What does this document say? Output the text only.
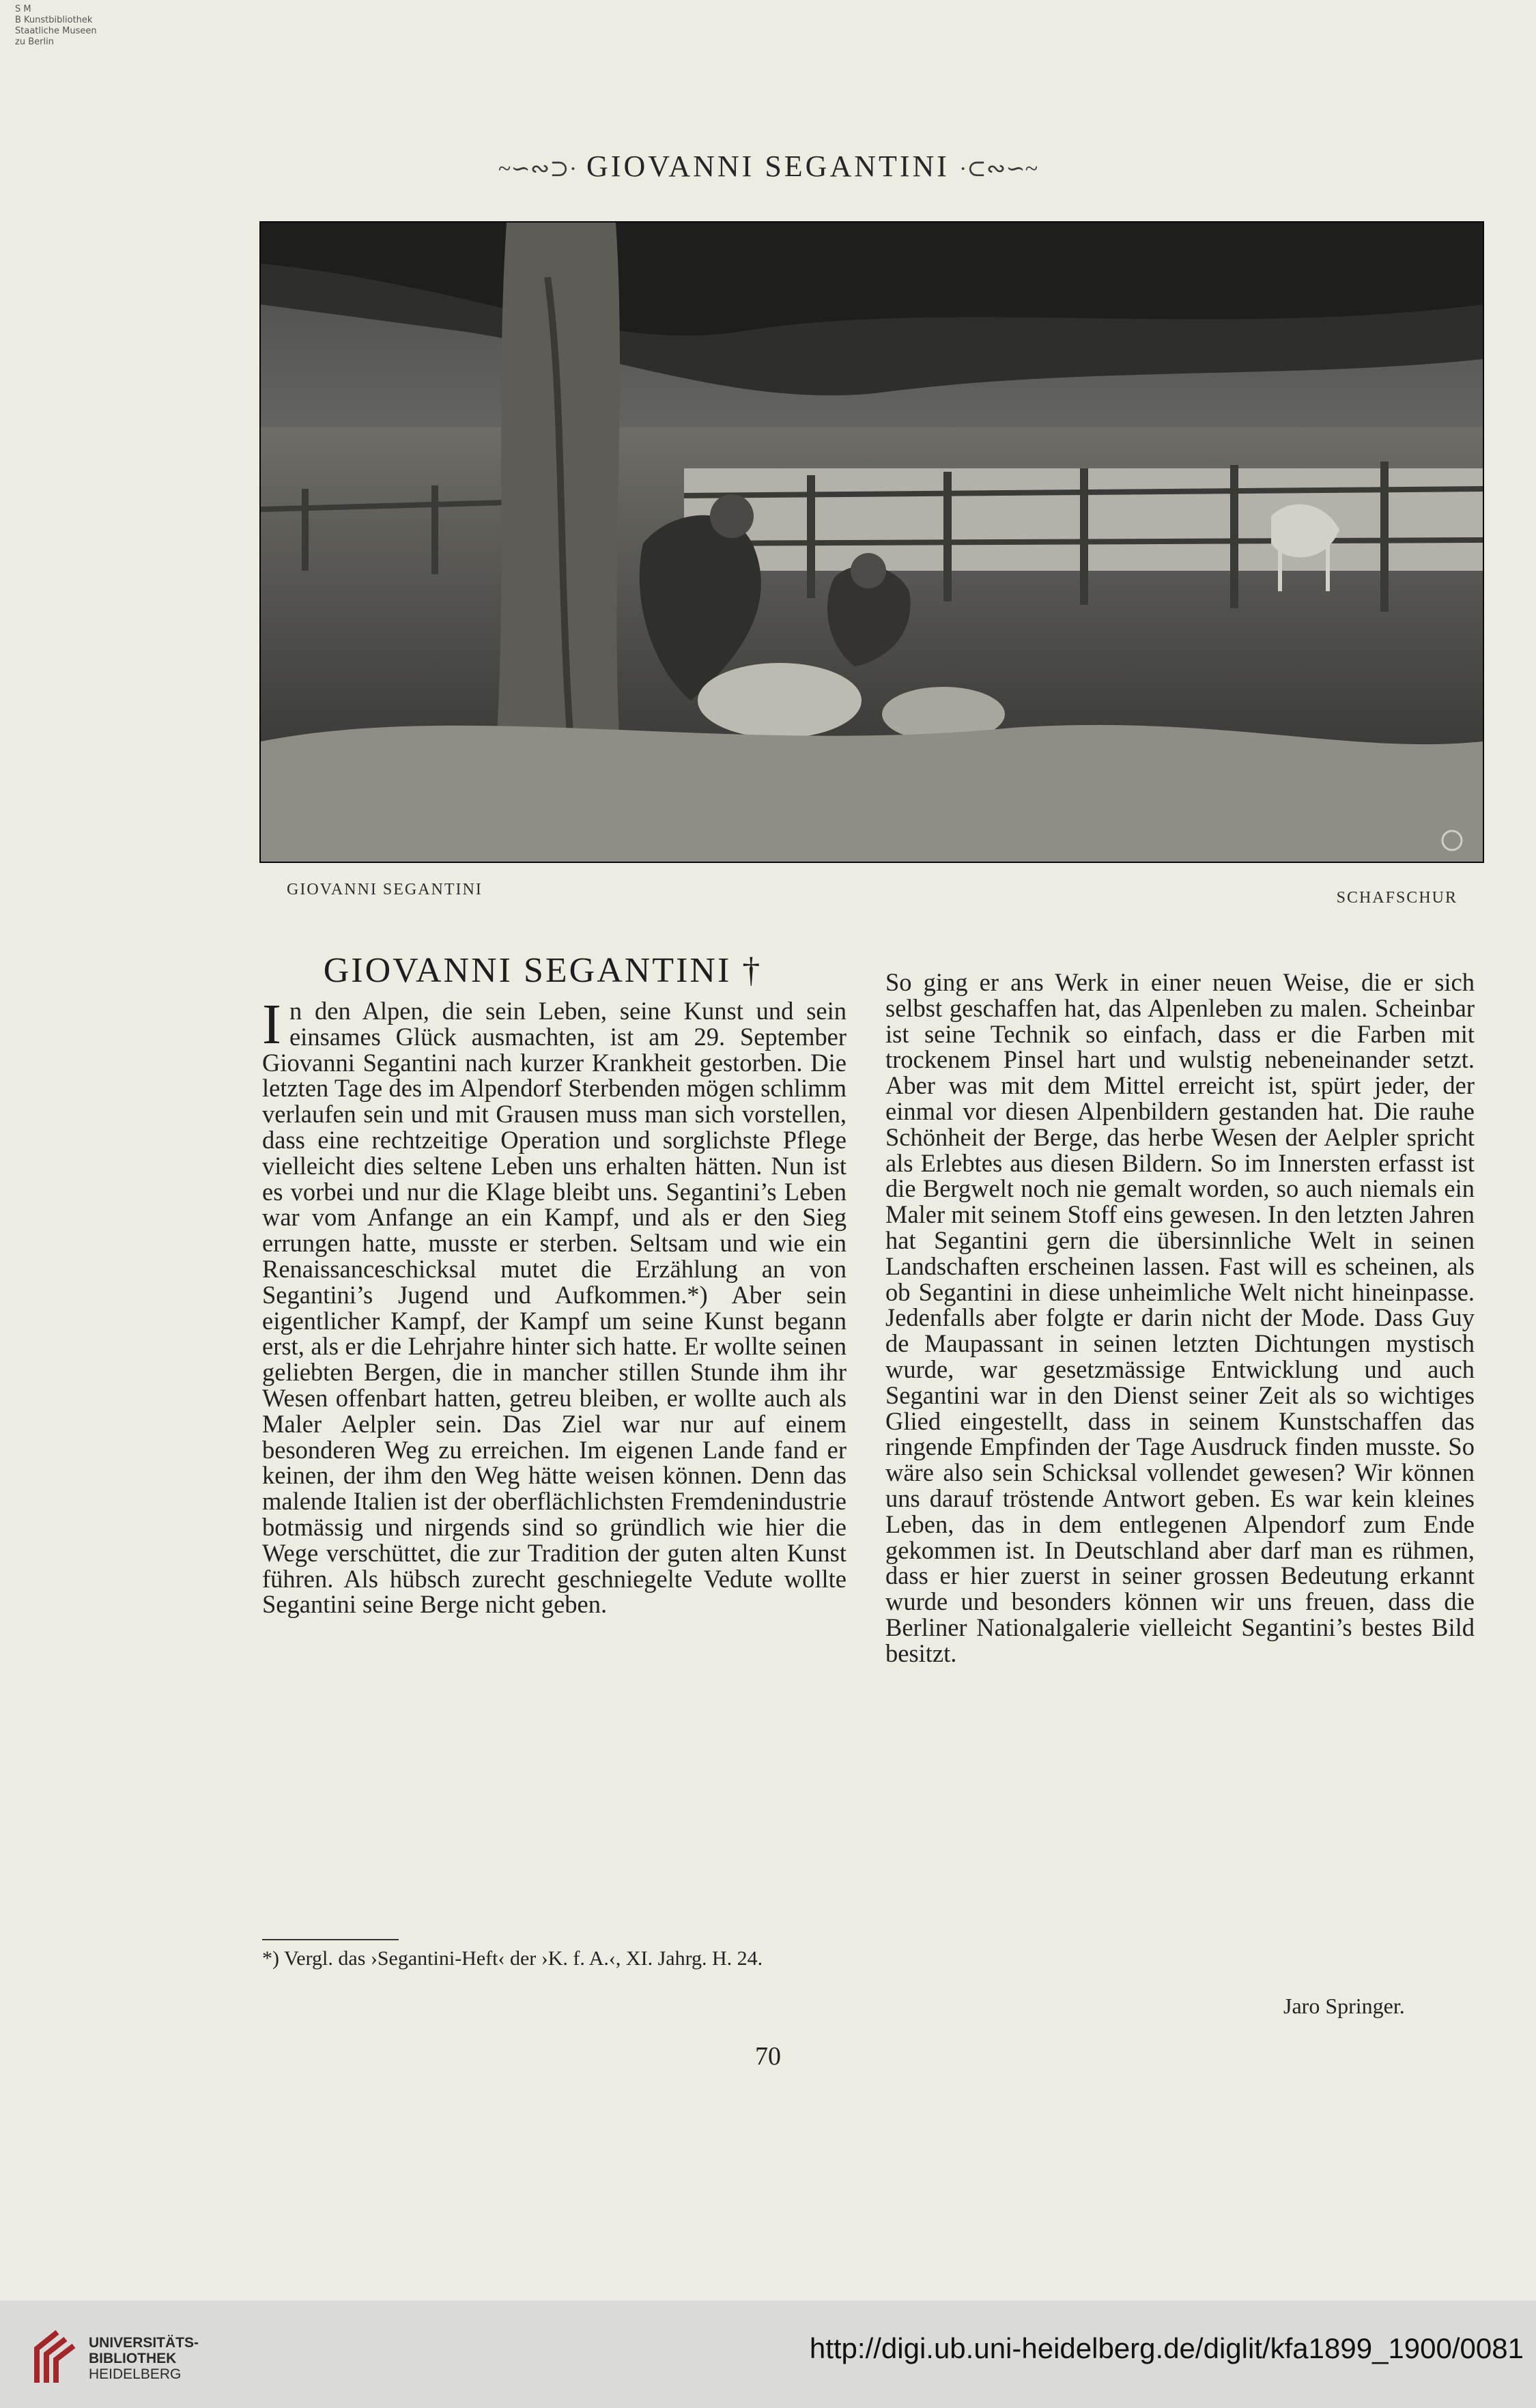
S M
B Kunstbibliothek
Staatliche Museen
zu Berlin
~∽∾⊃· GIOVANNI SEGANTINI ·⊂∾∽~
GIOVANNI SEGANTINI	SCHAFSCHUR
GIOVANNI SEGANTINI †
I n den Alpen, die sein Leben, seine Kunst und sein einsames Glück ausmachten, ist am 29. September Giovanni Segantini nach kurzer Krankheit gestorben. Die letzten Tage des im Alpendorf Sterbenden mögen schlimm verlaufen sein und mit Grausen muss man sich vorstellen, dass eine rechtzeitige Operation und sorglichste Pflege vielleicht dies seltene Leben uns erhalten hätten. Nun ist es vorbei und nur die Klage bleibt uns. Segantini’s Leben war vom Anfange an ein Kampf, und als er den Sieg errungen hatte, musste er sterben. Seltsam und wie ein Renaissanceschicksal mutet die Erzählung an von Segantini’s Jugend und Aufkommen.*) Aber sein eigentlicher Kampf, der Kampf um seine Kunst begann erst, als er die Lehrjahre hinter sich hatte. Er wollte seinen geliebten Bergen, die in mancher stillen Stunde ihm ihr Wesen offenbart hatten, getreu bleiben, er wollte auch als Maler Aelpler sein. Das Ziel war nur auf einem besonderen Weg zu erreichen. Im eigenen Lande fand er keinen, der ihm den Weg hätte weisen können. Denn das malende Italien ist der oberflächlichsten Fremdenindustrie botmässig und nirgends sind so gründlich wie hier die Wege verschüttet, die zur Tradition der guten alten Kunst führen. Als hübsch zurecht geschniegelte Vedute wollte Segantini seine Berge nicht geben.

So ging er ans Werk in einer neuen Weise, die er sich selbst geschaffen hat, das Alpenleben zu malen. Scheinbar ist seine Technik so einfach, dass er die Farben mit trockenem Pinsel hart und wulstig nebeneinander setzt. Aber was mit dem Mittel erreicht ist, spürt jeder, der einmal vor diesen Alpenbildern gestanden hat. Die rauhe Schönheit der Berge, das herbe Wesen der Aelpler spricht als Erlebtes aus diesen Bildern. So im Innersten erfasst ist die Bergwelt noch nie gemalt worden, so auch niemals ein Maler mit seinem Stoff eins gewesen. In den letzten Jahren hat Segantini gern die übersinnliche Welt in seinen Landschaften erscheinen lassen. Fast will es scheinen, als ob Segantini in diese unheimliche Welt nicht hineinpasse. Jedenfalls aber folgte er darin nicht der Mode. Dass Guy de Maupassant in seinen letzten Dichtungen mystisch wurde, war gesetzmässige Entwicklung und auch Segantini war in den Dienst seiner Zeit als so wichtiges Glied eingestellt, dass in seinem Kunstschaffen das ringende Empfinden der Tage Ausdruck finden musste. So wäre also sein Schicksal vollendet gewesen? Wir können uns darauf tröstende Antwort geben. Es war kein kleines Leben, das in dem entlegenen Alpendorf zum Ende gekommen ist. In Deutschland aber darf man es rühmen, dass er hier zuerst in seiner grossen Bedeutung erkannt wurde und besonders können wir uns freuen, dass die Berliner Nationalgalerie vielleicht Segantini’s bestes Bild besitzt.

*) Vergl. das ›Segantini-Heft‹ der ›K. f. A.‹, XI. Jahrg. H. 24.
Jaro Springer.
70
UNIVERSITÄTS-
BIBLIOTHEK
HEIDELBERG
http://digi.ub.uni-heidelberg.de/diglit/kfa1899_1900/0081
